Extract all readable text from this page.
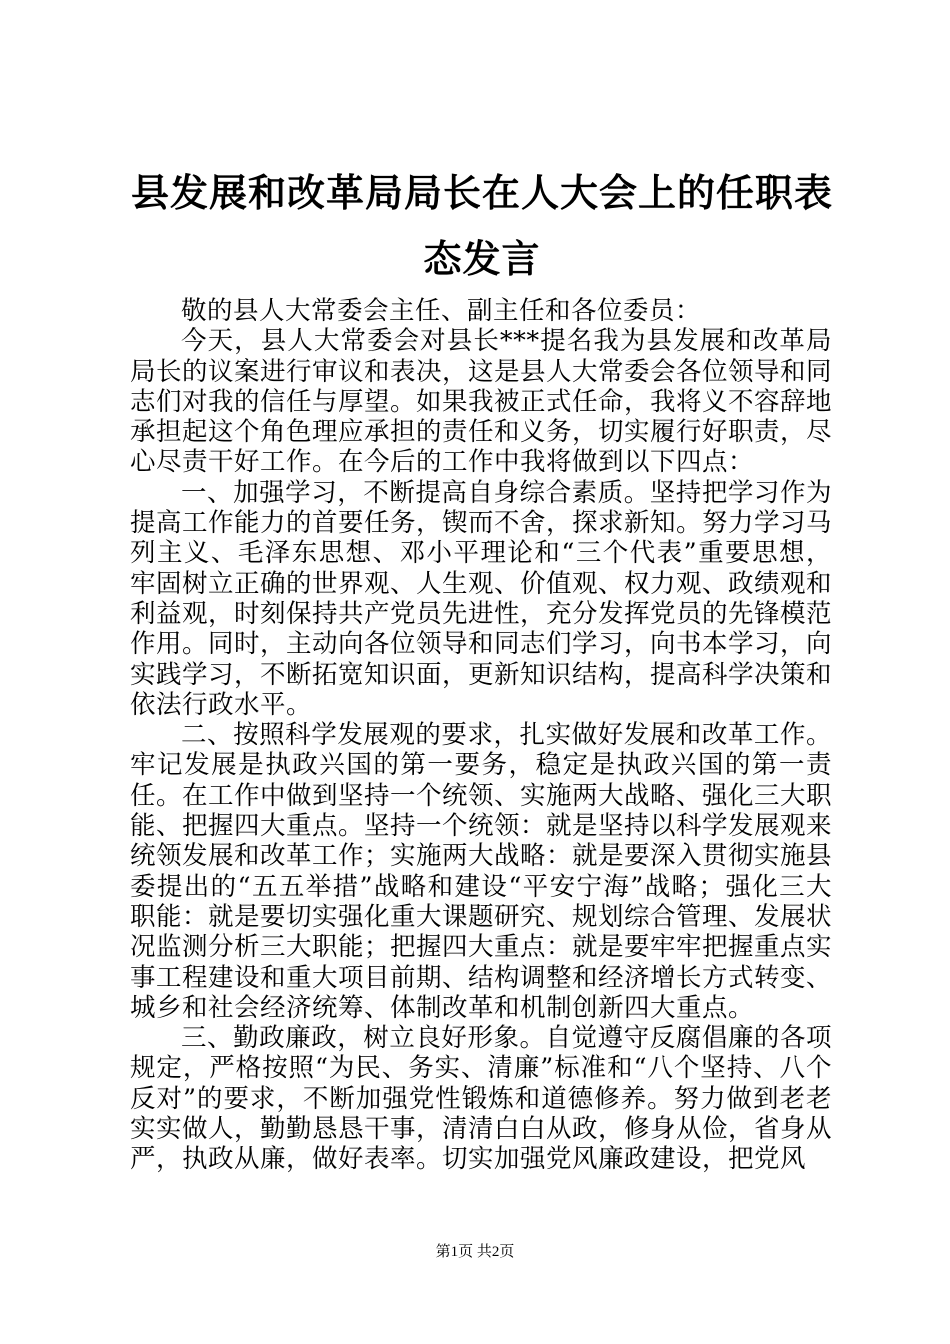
县发展和改革局局长在人大会上的任职表态发言

敬的县人大常委会主任、副主任和各位委员：

今天，县人大常委会对县长***提名我为县发展和改革局局长的议案进行审议和表决，这是县人大常委会各位领导和同志们对我的信任与厚望。如果我被正式任命，我将义不容辞地承担起这个角色理应承担的责任和义务，切实履行好职责，尽心尽责干好工作。在今后的工作中我将做到以下四点：

一、加强学习，不断提高自身综合素质。坚持把学习作为提高工作能力的首要任务，锲而不舍，探求新知。努力学习马列主义、毛泽东思想、邓小平理论和“三个代表”重要思想，牢固树立正确的世界观、人生观、价值观、权力观、政绩观和利益观，时刻保持共产党员先进性，充分发挥党员的先锋模范作用。同时，主动向各位领导和同志们学习，向书本学习，向实践学习，不断拓宽知识面，更新知识结构，提高科学决策和依法行政水平。

二、按照科学发展观的要求，扎实做好发展和改革工作。牢记发展是执政兴国的第一要务，稳定是执政兴国的第一责任。在工作中做到坚持一个统领、实施两大战略、强化三大职能、把握四大重点。坚持一个统领：就是坚持以科学发展观来统领发展和改革工作；实施两大战略：就是要深入贯彻实施县委提出的“五五举措”战略和建设“平安宁海”战略；强化三大职能：就是要切实强化重大课题研究、规划综合管理、发展状况监测分析三大职能；把握四大重点：就是要牢牢把握重点实事工程建设和重大项目前期、结构调整和经济增长方式转变、城乡和社会经济统筹、体制改革和机制创新四大重点。

三、勤政廉政，树立良好形象。自觉遵守反腐倡廉的各项规定，严格按照“为民、务实、清廉”标准和“八个坚持、八个反对”的要求，不断加强党性锻炼和道德修养。努力做到老老实实做人，勤勤恳恳干事，清清白白从政，修身从俭，省身从严，执政从廉，做好表率。切实加强党风廉政建设，把党风

第1页 共2页
